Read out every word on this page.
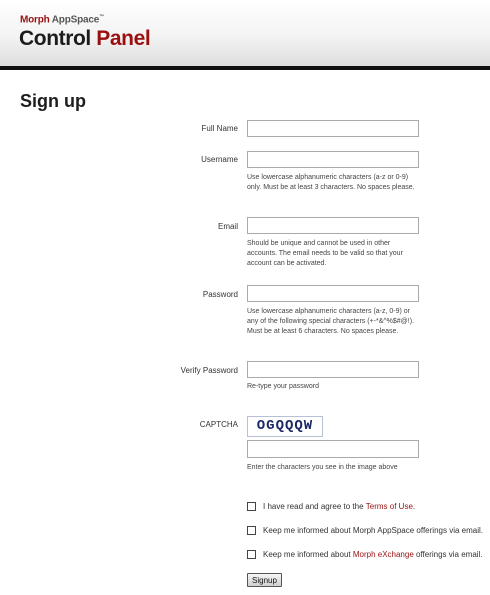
Morph AppSpace™
Control Panel
Sign up
Full Name
Username
Use lowercase alphanumeric characters (a-z or 0-9) only. Must be at least 3 characters. No spaces please.
Email
Should be unique and cannot be used in other accounts. The email needs to be valid so that your account can be activated.
Password
Use lowercase alphanumeric characters (a-z, 0-9) or any of the following special characters (+-*&^%$#@!). Must be at least 6 characters. No spaces please.
Verify Password
Re-type your password
CAPTCHA	OGQQQW
Enter the characters you see in the image above
I have read and agree to the
Terms of Use .
Keep me informed about Morph AppSpace offerings via email.
Keep me informed about
Morph eXchange
offerings via email.
Signup
